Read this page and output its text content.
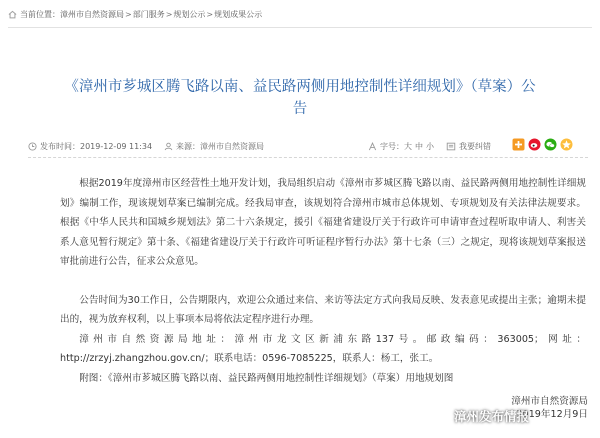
当前位置： 漳州市自然资源局 > 部门服务 > 规划公示 > 规划成果公示
《漳州市芗城区腾飞路以南、益民路两侧用地控制性详细规划》（草案）公
告
发布时间： 2019-12-09 11:34	来源： 漳州市自然资源局	字号： 大 中 小	我要纠错

根据2019年度漳州市区经营性土地开发计划，我局组织启动《漳州市芗城区腾飞路以南、益民路两侧用地控制性详细规划》编制工作，现该规划草案已编制完成。经我局审查，该规划符合漳州市城市总体规划、专项规划及有关法律法规要求。根据《中华人民共和国城乡规划法》第二十六条规定，援引《福建省建设厅关于行政许可申请审查过程听取申请人、利害关系人意见暂行规定》第十条、《福建省建设厅关于行政许可听证程序暂行办法》第十七条（三）之规定，现将该规划草案报送审批前进行公告，征求公众意见。

公告时间为30工作日，公告期限内，欢迎公众通过来信、来访等法定方式向我局反映、发表意见或提出主张；逾期未提出的，视为放弃权利，以上事项本局将依法定程序进行办理。

漳州市自然资源局地址：漳州市龙文区新浦东路137号。邮政编码：363005；网址：http://zrzyj.zhangzhou.gov.cn/；联系电话：0596-7085225，联系人：杨工，张工。

附图：《漳州市芗城区腾飞路以南、益民路两侧用地控制性详细规划》（草案）用地规划图

漳州市自然资源局
2019年12月9日
漳州发布情报
